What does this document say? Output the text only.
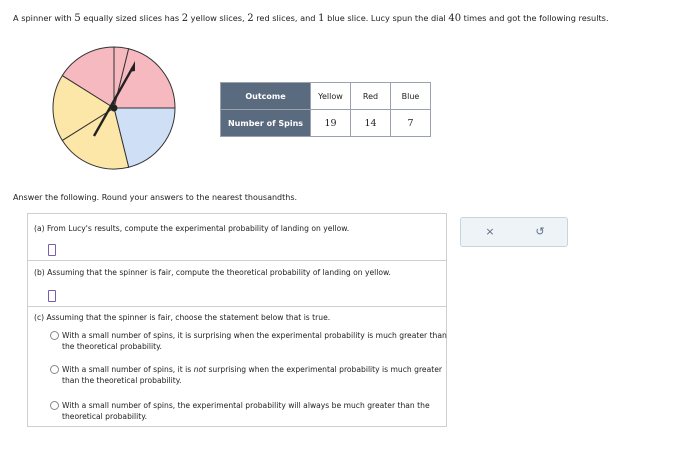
A spinner with 5 equally sized slices has 2 yellow slices, 2 red slices, and 1 blue slice. Lucy spun the dial 40 times and got the following results.
Outcome	Yellow	Red	Blue
Number of Spins	19	14	7
Answer the following. Round your answers to the nearest thousandths.
(a) From Lucy's results, compute the experimental probability of landing on yellow.
(b) Assuming that the spinner is fair, compute the theoretical probability of landing on yellow.
(c) Assuming that the spinner is fair, choose the statement below that is true.
With a small number of spins, it is surprising when the experimental probability is much greater than the theoretical probability.
With a small number of spins, it is not surprising when the experimental probability is much greater than the theoretical probability.
With a small number of spins, the experimental probability will always be much greater than the theoretical probability.
×	↺
